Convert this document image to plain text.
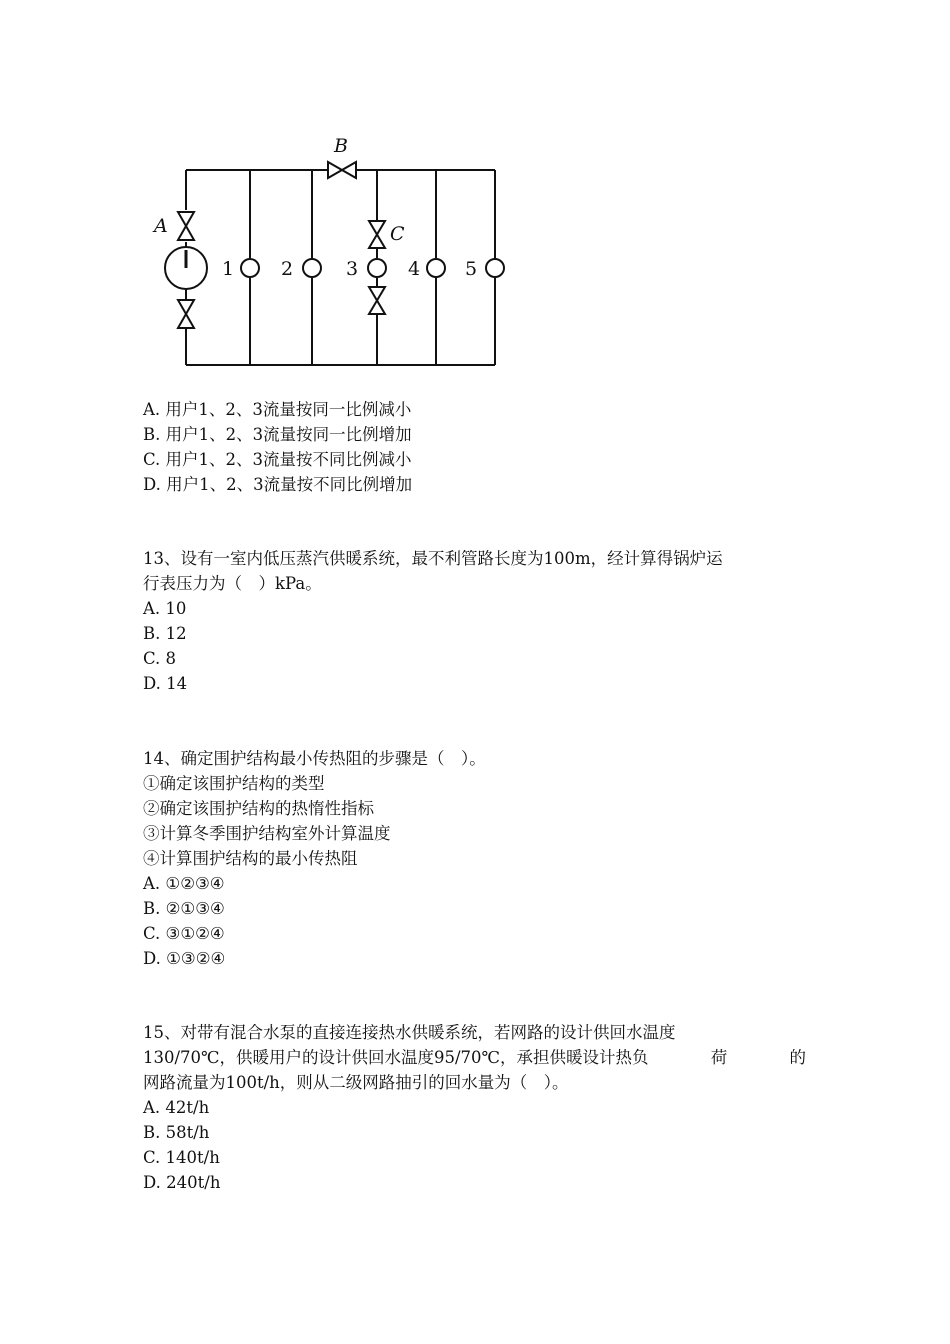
B
A	C
1 2	3	4 5
A. 用户1、2、3流量按同一比例减小
B. 用户1、2、3流量按同一比例增加
C. 用户1、2、3流量按不同比例减小
D. 用户1、2、3流量按不同比例增加
13、设有一室内低压蒸汽供暖系统，最不利管路长度为100m，经计算得锅炉运
行表压力为（　）kPa。
A. 10
B. 12
C. 8
D. 14
14、确定围护结构最小传热阻的步骤是（　）。
①确定该围护结构的类型
②确定该围护结构的热惰性指标
③计算冬季围护结构室外计算温度
④计算围护结构的最小传热阻
A. ①②③④
B. ②①③④
C. ③①②④
D. ①③②④
15、对带有混合水泵的直接连接热水供暖系统，若网路的设计供回水温度
130/70℃，供暖用户的设计供回水温度95/70℃，承担供暖设计热负	荷	的
网路流量为100t/h，则从二级网路抽引的回水量为（　）。
A. 42t/h
B. 58t/h
C. 140t/h
D. 240t/h
